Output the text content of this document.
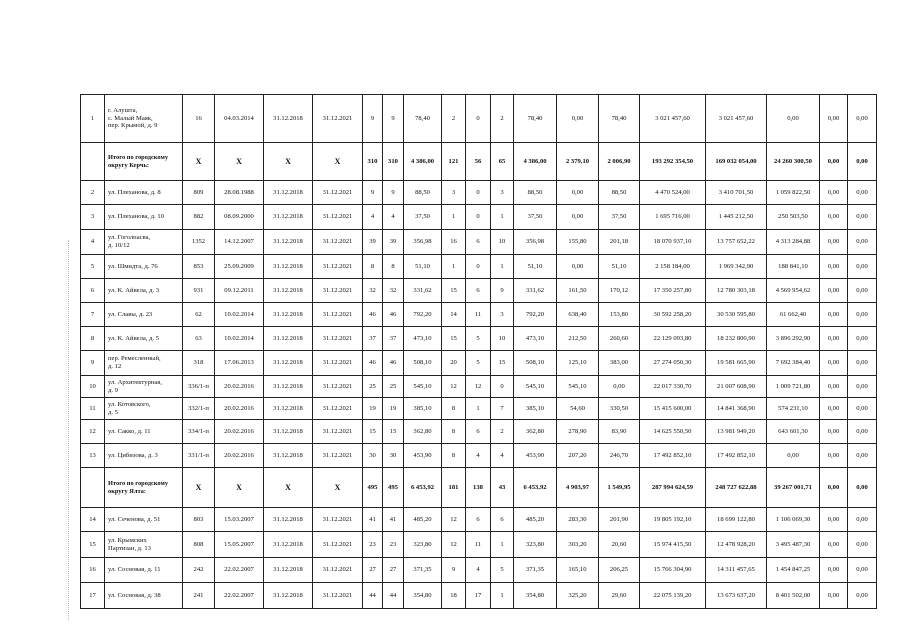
1	г. Алушта,
с. Малый Маяк,
пер. Крымой, д. 9	16	04.03.2014	31.12.2018	31.12.2021	9	9	78,40	2	0	2	78,40	0,00	78,40	3 021 457,60	3 021 457,60	0,00	0,00	0,00
	Итого по городскому округу Керчь:	X	X	X	X	310	310	4 386,00	121	56	65	4 386,00	2 379,10	2 006,90	193 292 354,50	169 032 054,00	24 260 300,50	0,00	0,00
2	ул. Плеханова, д. 8	809	28.08.1988	31.12.2018	31.12.2021	9	9	88,50	3	0	3	88,50	0,00	88,50	4 470 524,00	3 410 701,50	1 059 822,50	0,00	0,00
3	ул. Плеханова, д. 10	882	08.09.2000	31.12.2018	31.12.2021	4	4	37,50	1	0	1	37,50	0,00	37,50	1 695 716,00	1 445 212,50	250 503,50	0,00	0,00
4	ул. Гоголпасва,
д. 10/12	1352	14.12.2007	31.12.2018	31.12.2021	39	39	356,98	16	6	10	356,98	155,80	201,18	18 070 937,10	13 757 652,22	4 313 284,88	0,00	0,00
5	ул. Шмидта, д. 76	853	25.09.2009	31.12.2018	31.12.2021	8	8	51,10	1	0	1	51,10	0,00	51,10	2 158 184,00	1 969 342,90	188 841,10	0,00	0,00
6	ул. К. Айвела, д. 3	931	09.12.2011	31.12.2018	31.12.2021	32	32	331,62	15	6	9	331,62	161,50	170,12	17 350 257,80	12 780 303,18	4 569 954,62	0,00	0,00
7	ул. Славы, д. 23	62	10.02.2014	31.12.2018	31.12.2021	46	46	792,20	14	11	3	792,20	638,40	153,80	30 592 258,20	30 530 595,80	61 662,40	0,00	0,00
8	ул. К. Айвела, д. 5	63	10.02.2014	31.12.2018	31.12.2021	37	37	473,10	15	5	10	473,10	212,50	260,60	22 129 093,80	18 232 800,90	3 896 292,90	0,00	0,00
9	пер. Ремесленный,
д. 12	318	17.06.2013	31.12.2018	31.12.2021	46	46	508,10	20	5	15	508,10	125,10	383,00	27 274 050,30	19 581 665,90	7 692 384,40	0,00	0,00
10	ул. Архитектурная,
д. 9	336/1-п	20.02.2016	31.12.2018	31.12.2021	25	25	545,10	12	12	0	545,10	545,10	0,00	22 017 330,70	21 007 608,90	1 009 721,80	0,00	0,00
11	ул. Котовского,
д. 5	332/1-п	20.02.2016	31.12.2018	31.12.2021	19	19	385,10	8	1	7	385,10	54,60	330,50	15 415 600,00	14 841 368,90	574 231,10	0,00	0,00
12	ул. Сакко, д. 11	334/1-п	20.02.2016	31.12.2018	31.12.2021	15	15	362,80	8	6	2	362,80	278,90	83,90	14 625 550,50	13 981 949,20	643 601,30	0,00	0,00
13	ул. Цибизова, д. 3	331/1-п	20.02.2016	31.12.2018	31.12.2021	30	30	453,90	8	4	4	453,90	207,20	246,70	17 492 852,10	17 492 852,10	0,00	0,00	0,00
	Итого по городскому округу Ялта:	X	X	X	X	495	495	6 453,92	181	138	43	6 453,92	4 903,97	1 549,95	287 994 624,59	248 727 622,88	39 267 001,71	0,00	0,00
14	ул. Сеченова, д. 51	803	15.03.2007	31.12.2018	31.12.2021	41	41	485,20	12	6	6	485,20	283,30	201,90	19 805 192,10	18 699 122,80	1 106 069,30	0,00	0,00
15	ул. Крымских
Партизан, д. 13	808	15.05.2007	31.12.2018	31.12.2021	23	23	323,80	12	11	1	323,80	303,20	20,60	15 974 415,50	12 478 928,20	3 495 487,30	0,00	0,00
16	ул. Сосновая, д. 11	242	22.02.2007	31.12.2018	31.12.2021	27	27	371,35	9	4	5	371,35	165,10	206,25	15 766 304,90	14 311 457,65	1 454 847,25	0,00	0,00
17	ул. Сосновая, д. 38	241	22.02.2007	31.12.2018	31.12.2021	44	44	354,80	18	17	1	354,80	325,20	29,60	22 075 139,20	13 673 637,20	8 401 502,00	0,00	0,00
